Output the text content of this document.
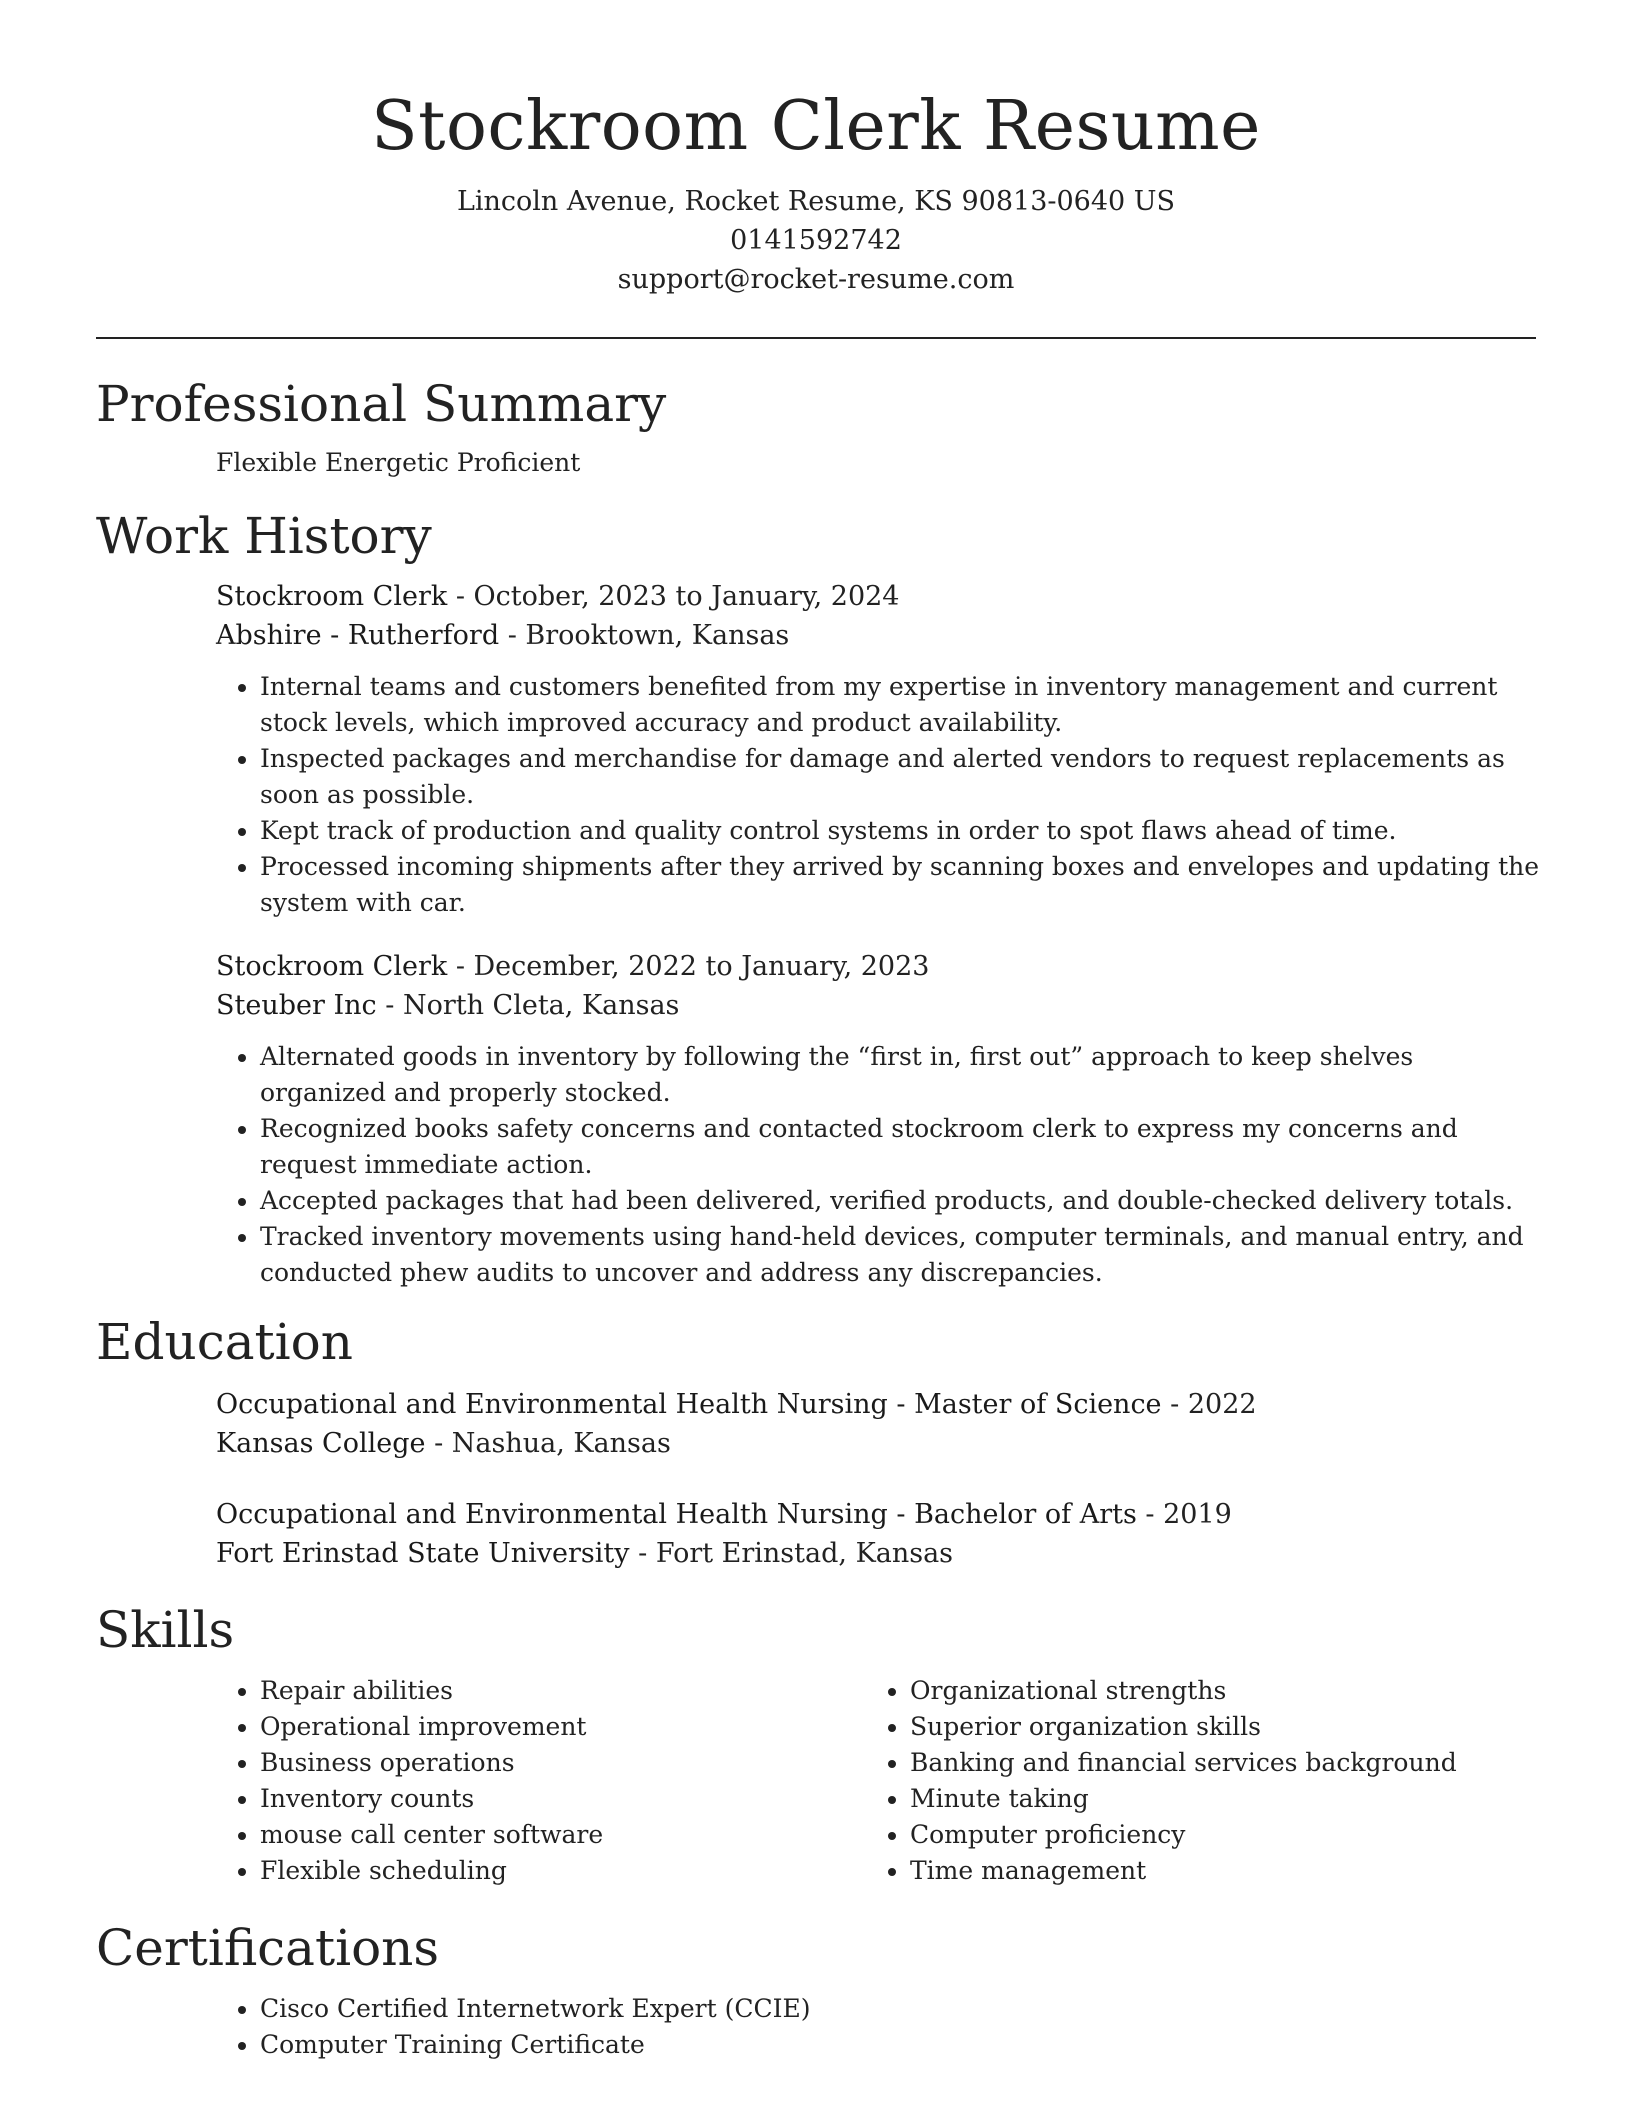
Stockroom Clerk Resume

Lincoln Avenue, Rocket Resume, KS 90813-0640 US

0141592742

support@rocket-resume.com

Professional Summary

Flexible Energetic Proficient

Work History

Stockroom Clerk - October, 2023 to January, 2024

Abshire - Rutherford - Brooktown, Kansas

• Internal teams and customers benefited from my expertise in inventory management and current stock levels, which improved accuracy and product availability.
• Inspected packages and merchandise for damage and alerted vendors to request replacements as soon as possible.
• Kept track of production and quality control systems in order to spot flaws ahead of time.
• Processed incoming shipments after they arrived by scanning boxes and envelopes and updating the system with car.

Stockroom Clerk - December, 2022 to January, 2023

Steuber Inc - North Cleta, Kansas

• Alternated goods in inventory by following the “first in, first out” approach to keep shelves organized and properly stocked.
• Recognized books safety concerns and contacted stockroom clerk to express my concerns and request immediate action.
• Accepted packages that had been delivered, verified products, and double-checked delivery totals.
• Tracked inventory movements using hand-held devices, computer terminals, and manual entry, and conducted phew audits to uncover and address any discrepancies.
Education

Occupational and Environmental Health Nursing - Master of Science - 2022

Kansas College - Nashua, Kansas

Occupational and Environmental Health Nursing - Bachelor of Arts - 2019

Fort Erinstad State University - Fort Erinstad, Kansas

Skills
• Repair abilities
• Operational improvement
• Business operations
• Inventory counts
• mouse call center software
• Flexible scheduling
• Organizational strengths
• Superior organization skills
• Banking and financial services background
• Minute taking
• Computer proficiency
• Time management
Certifications
• Cisco Certified Internetwork Expert (CCIE)
• Computer Training Certificate
